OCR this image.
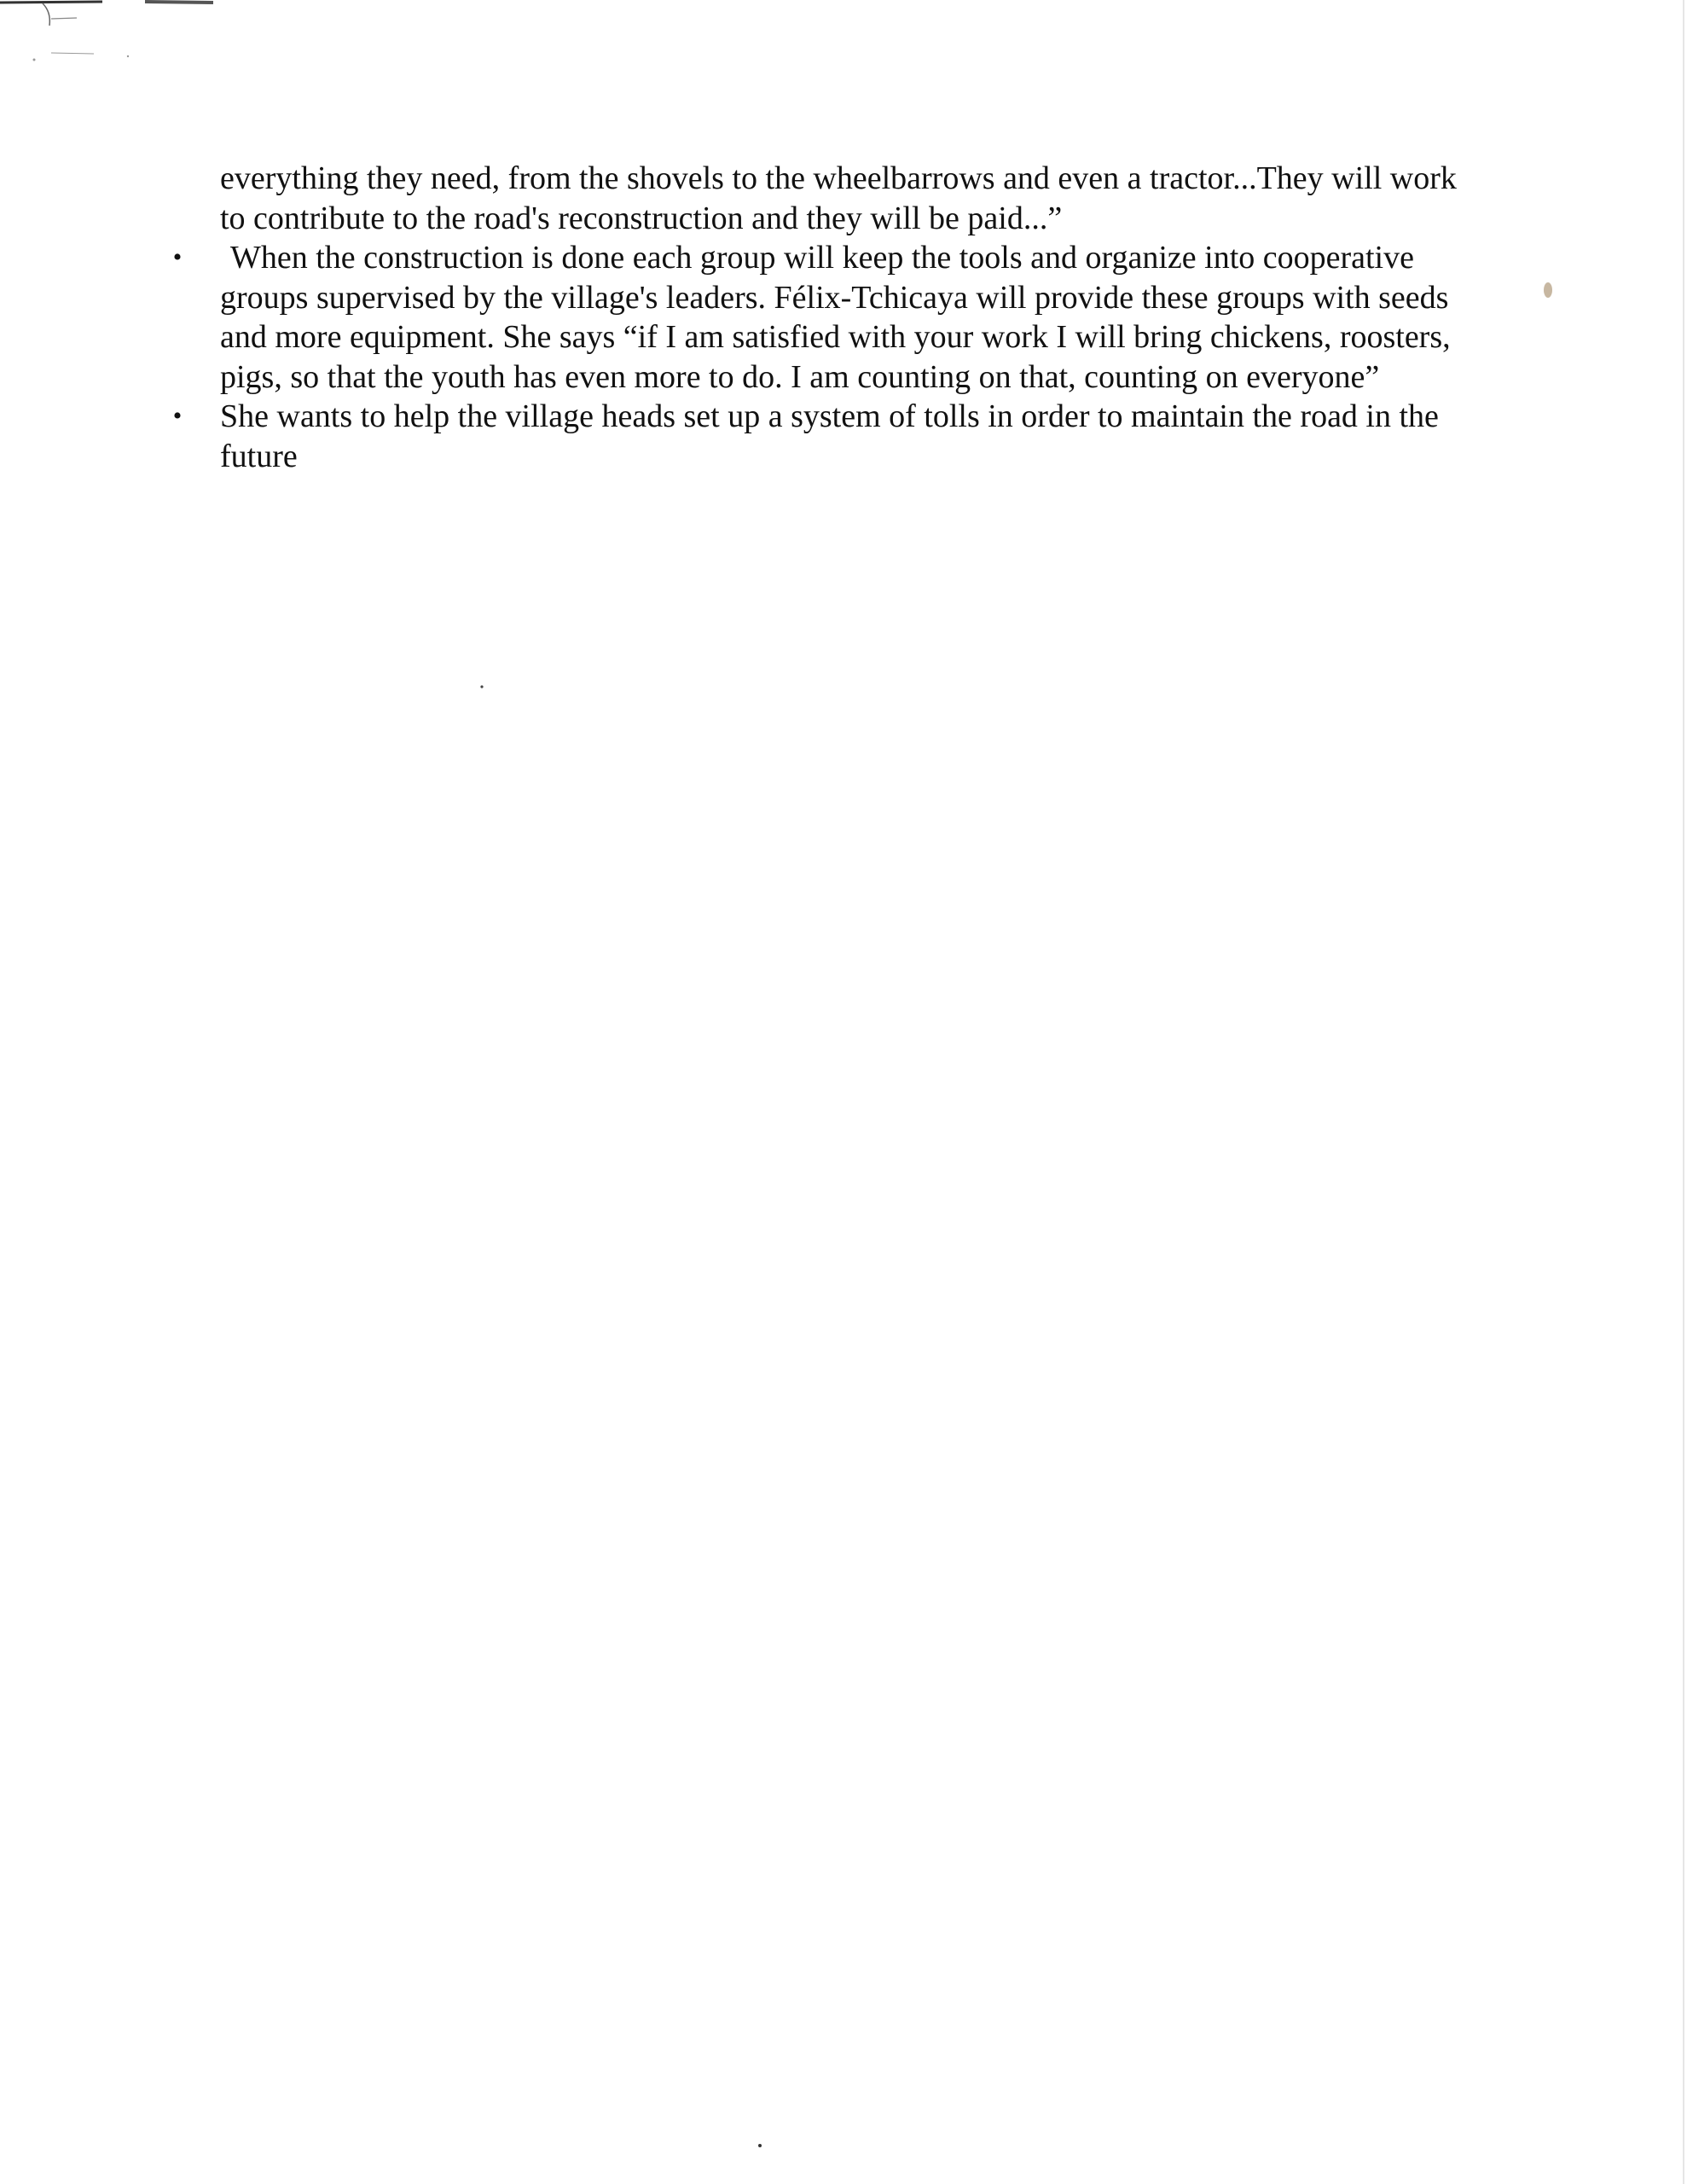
everything they need, from the shovels to the wheelbarrows and even a tractor...They will work
to contribute to the road's reconstruction and they will be paid...”
•	When the construction is done each group will keep the tools and organize into cooperative
groups supervised by the village's leaders. Félix-Tchicaya will provide these groups with seeds
and more equipment. She says “if I am satisfied with your work I will bring chickens, roosters,
pigs, so that the youth has even more to do. I am counting on that, counting on everyone”
• She wants to help the village heads set up a system of tolls in order to maintain the road in the
future
